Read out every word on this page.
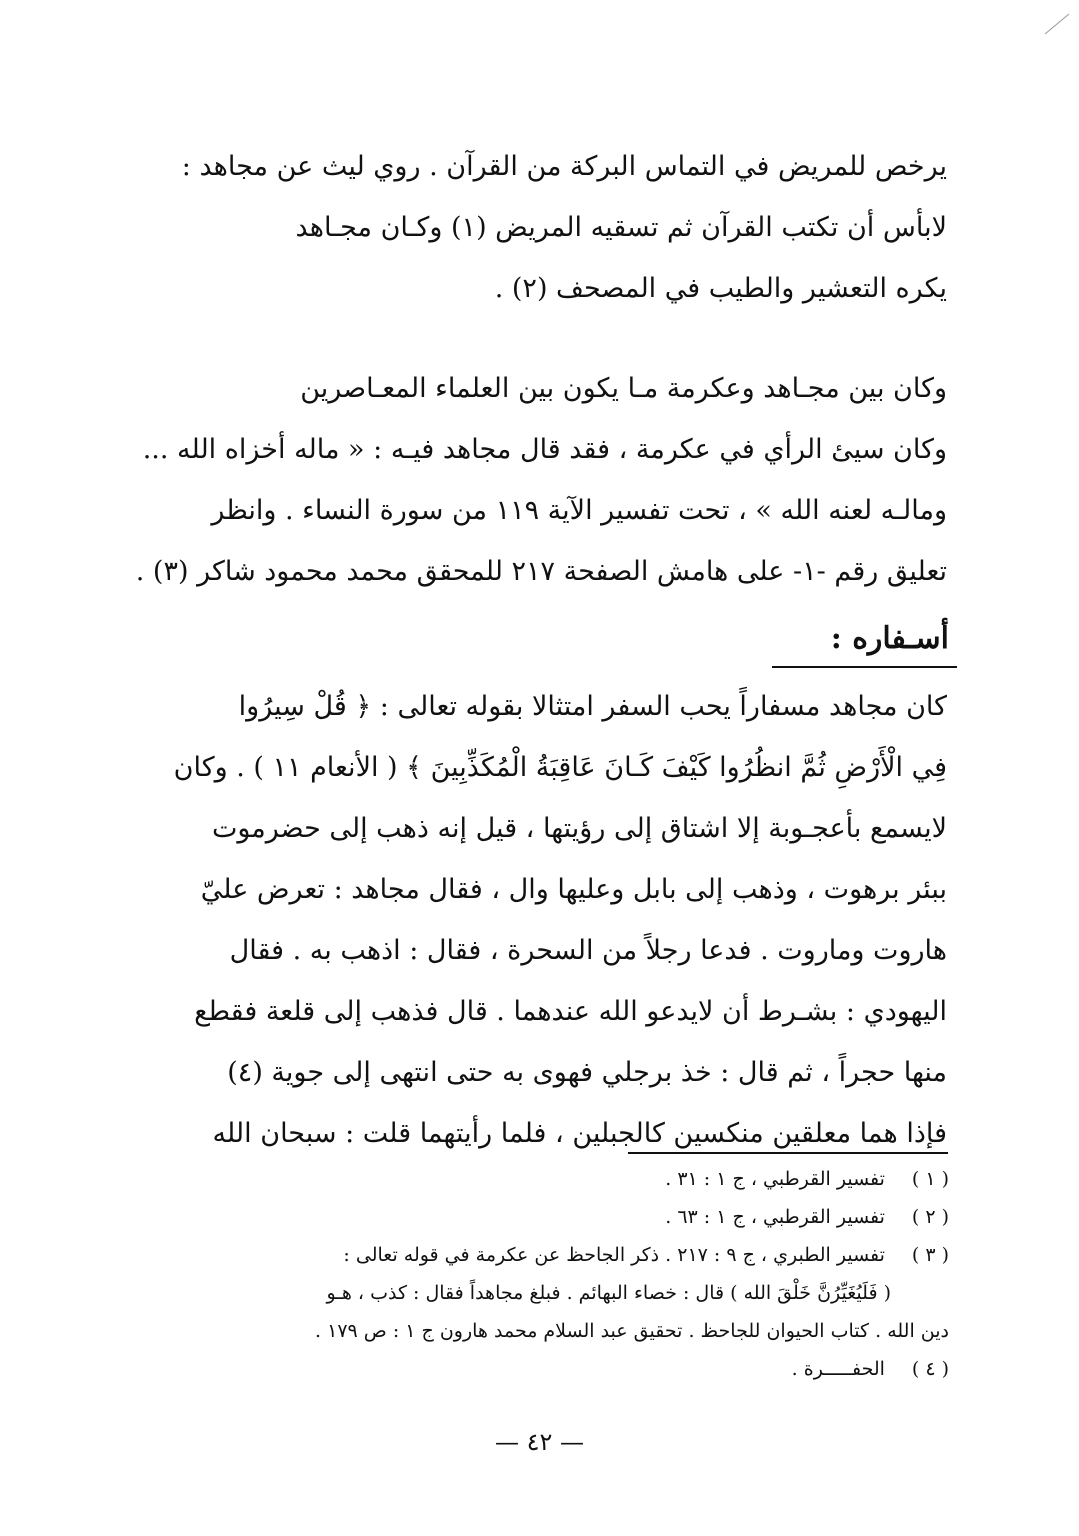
يرخص للمريض في التماس البركة من القرآن . روي ليث عن مجاهد :
لابأس أن تكتب القرآن ثم تسقيه المريض (١) وكـان مجـاهد
يكره التعشير والطيب في المصحف (٢) .

وكان بين مجـاهد وعكرمة مـا يكون بين العلماء المعـاصرين
وكان سيئ الرأي في عكرمة ، فقد قال مجاهد فيـه : « ماله أخزاه الله ...
ومالـه لعنه الله » ، تحت تفسير الآية ١١٩ من سورة النساء . وانظر
تعليق رقم -١- على هامش الصفحة ٢١٧ للمحقق محمد محمود شاكر (٣) .

أسـفاره :

كان مجاهد مسفاراً يحب السفر امتثالا بقوله تعالى : ﴿ قُلْ سِيرُوا
فِي الْأَرْضِ ثُمَّ انظُرُوا كَيْفَ كَـانَ عَاقِبَةُ الْمُكَذِّبِينَ ﴾ ( الأنعام ١١ ) . وكان
لايسمع بأعجـوبة إلا اشتاق إلى رؤيتها ، قيل إنه ذهب إلى حضرموت
ببئر برهوت ، وذهب إلى بابل وعليها وال ، فقال مجاهد : تعرض عليّ
هاروت وماروت . فدعا رجلاً من السحرة ، فقال : اذهب به . فقال
اليهودي : بشـرط أن لايدعو الله عندهما . قال فذهب إلى قلعة فقطع
منها حجراً ، ثم قال : خذ برجلي فهوى به حتى انتهى إلى جوية (٤)
فإذا هما معلقين منكسين كالجبلين ، فلما رأيتهما قلت : سبحان الله

( ١ ) تفسير القرطبي ، ج ١ : ٣١ .
( ٢ ) تفسير القرطبي ، ج ١ : ٦٣ .
( ٣ ) تفسير الطبري ، ج ٩ : ٢١٧ . ذكر الجاحظ عن عكرمة في قوله تعالى :
( فَلَيُغَيِّرُنَّ خَلْقَ الله ) قال : خصاء البهائم . فبلغ مجاهداً فقال : كذب ، هـو
دين الله . كتاب الحيوان للجاحظ . تحقيق عبد السلام محمد هارون ج ١ : ص ١٧٩ .
( ٤ ) الحفـــــرة .
— ٤٢ —
